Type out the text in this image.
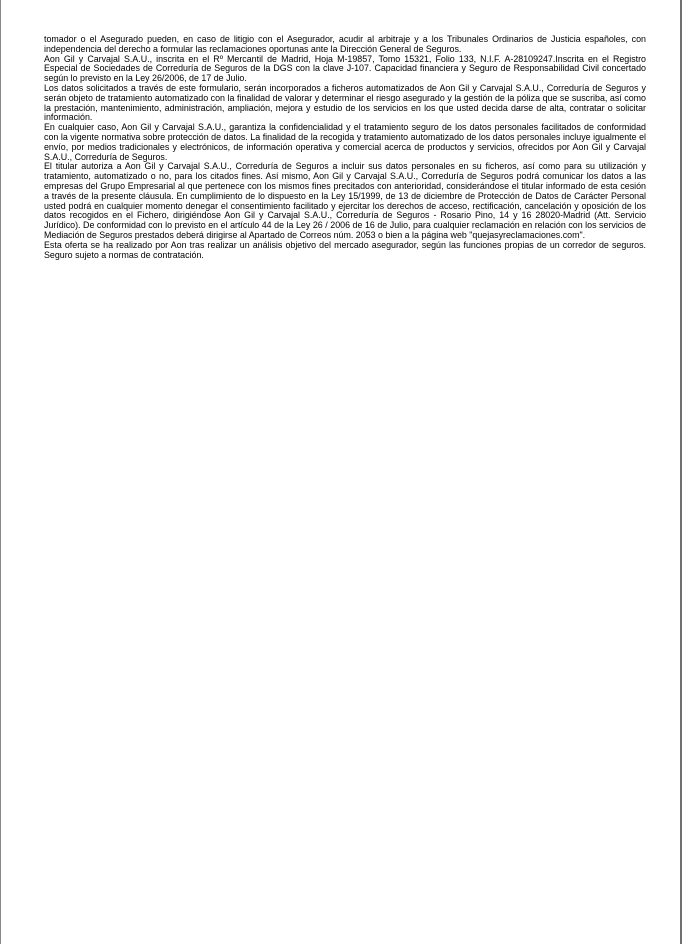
tomador o el Asegurado pueden, en caso de litigio con el Asegurador, acudir al arbitraje y a los Tribunales Ordinarios de Justicia españoles, con independencia del derecho a formular las reclamaciones oportunas ante la Dirección General de Seguros.

Aon Gil y Carvajal S.A.U., inscrita en el Rº Mercantil de Madrid, Hoja M-19857, Tomo 15321, Folio 133, N.I.F. A-28109247.Inscrita en el Registro Especial de Sociedades de Correduría de Seguros de la DGS con la clave J-107. Capacidad financiera y Seguro de Responsabilidad Civil concertado según lo previsto en la Ley 26/2006, de 17 de Julio.

Los datos solicitados a través de este formulario, serán incorporados a ficheros automatizados de Aon Gil y Carvajal S.A.U., Correduría de Seguros y serán objeto de tratamiento automatizado con la finalidad de valorar y determinar el riesgo asegurado y la gestión de la póliza que se suscriba, así como la prestación, mantenimiento, administración, ampliación, mejora y estudio de los servicios en los que usted decida darse de alta, contratar o solicitar información.

En cualquier caso, Aon Gil y Carvajal S.A.U., garantiza la confidencialidad y el tratamiento seguro de los datos personales facilitados de conformidad con la vigente normativa sobre protección de datos. La finalidad de la recogida y tratamiento automatizado de los datos personales incluye igualmente el envío, por medios tradicionales y electrónicos, de información operativa y comercial acerca de productos y servicios, ofrecidos por Aon Gil y Carvajal S.A.U., Correduría de Seguros.

El titular autoriza a Aon Gil y Carvajal S.A.U., Correduría de Seguros a incluir sus datos personales en su ficheros, así como para su utilización y tratamiento, automatizado o no, para los citados fines. Así mismo, Aon Gil y Carvajal S.A.U., Correduría de Seguros podrá comunicar los datos a las empresas del Grupo Empresarial al que pertenece con los mismos fines precitados con anterioridad, considerándose el titular informado de esta cesión a través de la presente cláusula. En cumplimiento de lo dispuesto en la Ley 15/1999, de 13 de diciembre de Protección de Datos de Carácter Personal usted podrá en cualquier momento denegar el consentimiento facilitado y ejercitar los derechos de acceso, rectificación, cancelación y oposición de los datos recogidos en el Fichero, dirigiéndose Aon Gil y Carvajal S.A.U., Correduría de Seguros - Rosario Pino, 14 y 16 28020-Madrid (Att. Servicio Jurídico). De conformidad con lo previsto en el artículo 44 de la Ley 26 / 2006 de 16 de Julio, para cualquier reclamación en relación con los servicios de Mediación de Seguros prestados deberá dirigirse al Apartado de Correos núm. 2053 o bien a la página web "quejasyreclamaciones.com".

Esta oferta se ha realizado por Aon tras realizar un análisis objetivo del mercado asegurador, según las funciones propias de un corredor de seguros. Seguro sujeto a normas de contratación.
